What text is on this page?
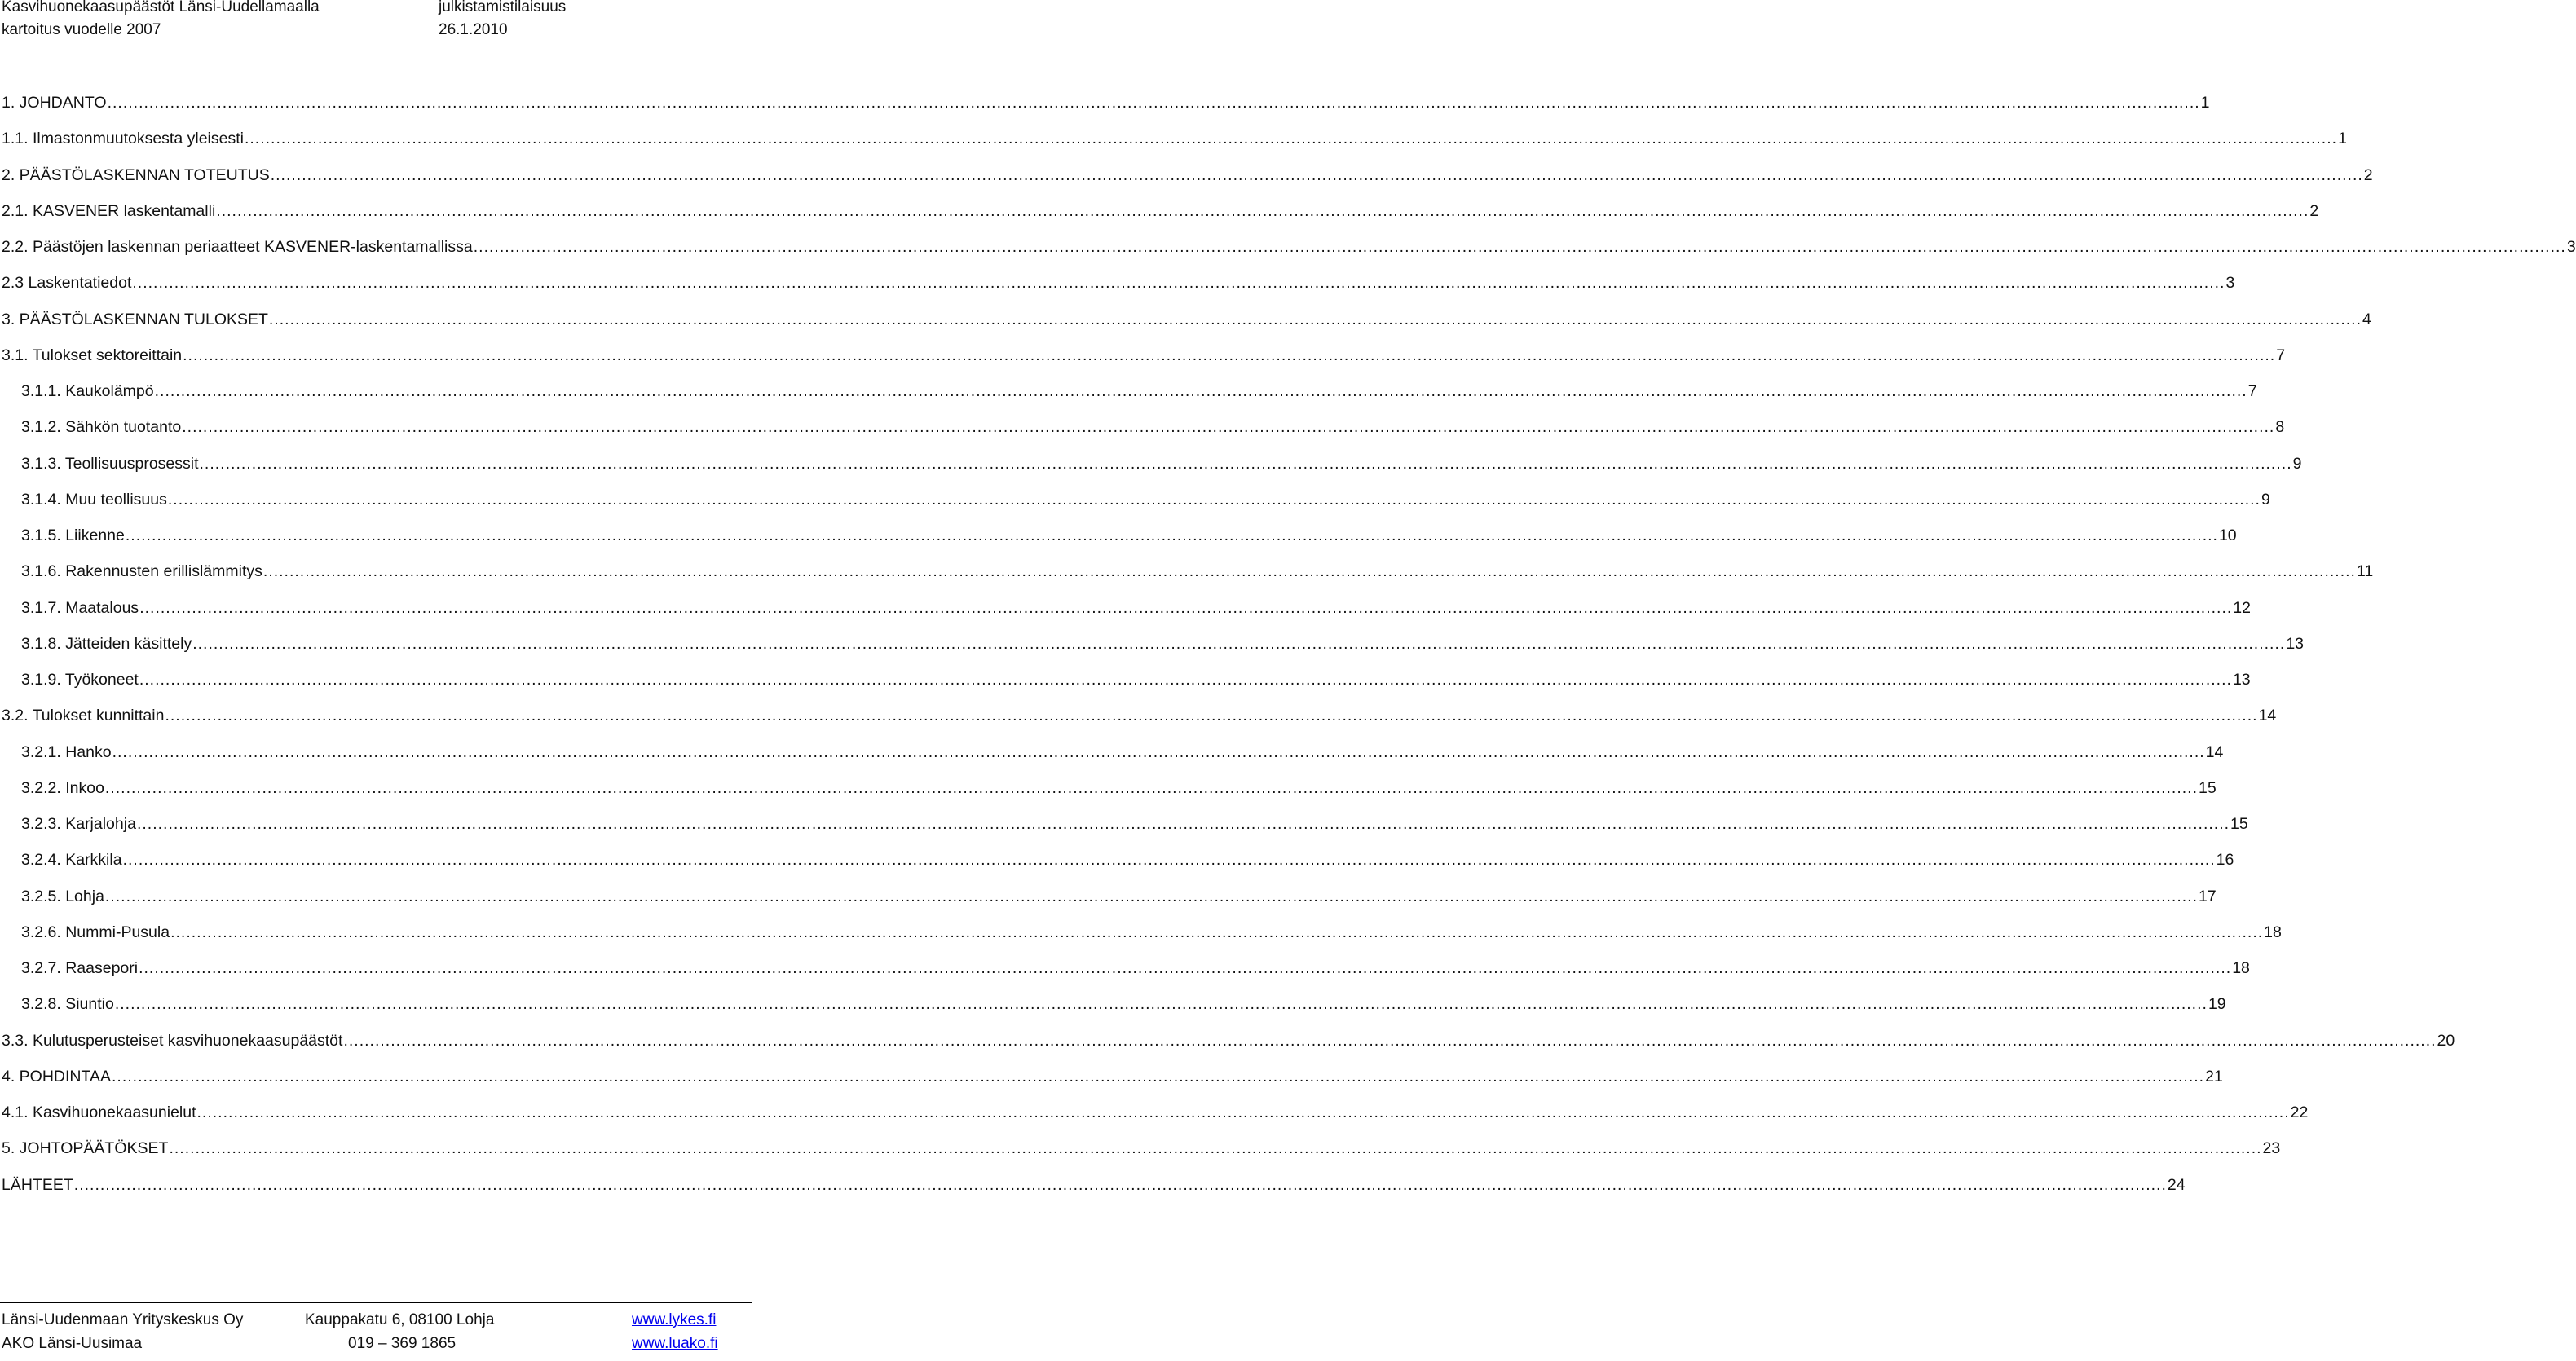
Kasvihuonekaasupäästöt Länsi-Uudellamaalla
kartoitus vuodelle 2007
julkistamistilaisuus
26.1.2010
1. JOHDANTO ................................................................................................................................................................................................................................................................................................................................................................................................................ 1
1.1. Ilmastonmuutoksesta yleisesti ................................................................................................................................................................................................................................................................................................................................................................................................................ 1
2. PÄÄSTÖLASKENNAN TOTEUTUS ................................................................................................................................................................................................................................................................................................................................................................................................................ 2
2.1. KASVENER laskentamalli ................................................................................................................................................................................................................................................................................................................................................................................................................ 2
2.2. Päästöjen laskennan periaatteet KASVENER-laskentamallissa ................................................................................................................................................................................................................................................................................................................................................................................................................ 3
2.3 Laskentatiedot ................................................................................................................................................................................................................................................................................................................................................................................................................ 3
3. PÄÄSTÖLASKENNAN TULOKSET ................................................................................................................................................................................................................................................................................................................................................................................................................ 4
3.1. Tulokset sektoreittain ................................................................................................................................................................................................................................................................................................................................................................................................................ 7
3.1.1. Kaukolämpö ................................................................................................................................................................................................................................................................................................................................................................................................................ 7
3.1.2. Sähkön tuotanto ................................................................................................................................................................................................................................................................................................................................................................................................................ 8
3.1.3. Teollisuusprosessit ................................................................................................................................................................................................................................................................................................................................................................................................................ 9
3.1.4. Muu teollisuus ................................................................................................................................................................................................................................................................................................................................................................................................................ 9
3.1.5. Liikenne ................................................................................................................................................................................................................................................................................................................................................................................................................ 10
3.1.6. Rakennusten erillislämmitys ................................................................................................................................................................................................................................................................................................................................................................................................................ 11
3.1.7. Maatalous ................................................................................................................................................................................................................................................................................................................................................................................................................ 12
3.1.8. Jätteiden käsittely ................................................................................................................................................................................................................................................................................................................................................................................................................ 13
3.1.9. Työkoneet ................................................................................................................................................................................................................................................................................................................................................................................................................ 13
3.2. Tulokset kunnittain ................................................................................................................................................................................................................................................................................................................................................................................................................ 14
3.2.1. Hanko ................................................................................................................................................................................................................................................................................................................................................................................................................ 14
3.2.2. Inkoo ................................................................................................................................................................................................................................................................................................................................................................................................................ 15
3.2.3. Karjalohja ................................................................................................................................................................................................................................................................................................................................................................................................................ 15
3.2.4. Karkkila ................................................................................................................................................................................................................................................................................................................................................................................................................ 16
3.2.5. Lohja ................................................................................................................................................................................................................................................................................................................................................................................................................ 17
3.2.6. Nummi-Pusula ................................................................................................................................................................................................................................................................................................................................................................................................................ 18
3.2.7. Raasepori ................................................................................................................................................................................................................................................................................................................................................................................................................ 18
3.2.8. Siuntio ................................................................................................................................................................................................................................................................................................................................................................................................................ 19
3.3. Kulutusperusteiset kasvihuonekaasupäästöt ................................................................................................................................................................................................................................................................................................................................................................................................................ 20
4. POHDINTAA ................................................................................................................................................................................................................................................................................................................................................................................................................ 21
4.1. Kasvihuonekaasunielut ................................................................................................................................................................................................................................................................................................................................................................................................................ 22
5. JOHTOPÄÄTÖKSET ................................................................................................................................................................................................................................................................................................................................................................................................................ 23
LÄHTEET ................................................................................................................................................................................................................................................................................................................................................................................................................ 24
Länsi-Uudenmaan Yrityskeskus Oy	Kauppakatu 6, 08100 Lohja	www.lykes.fi
AKO Länsi-Uusimaa	019 – 369 1865	www.luako.fi
